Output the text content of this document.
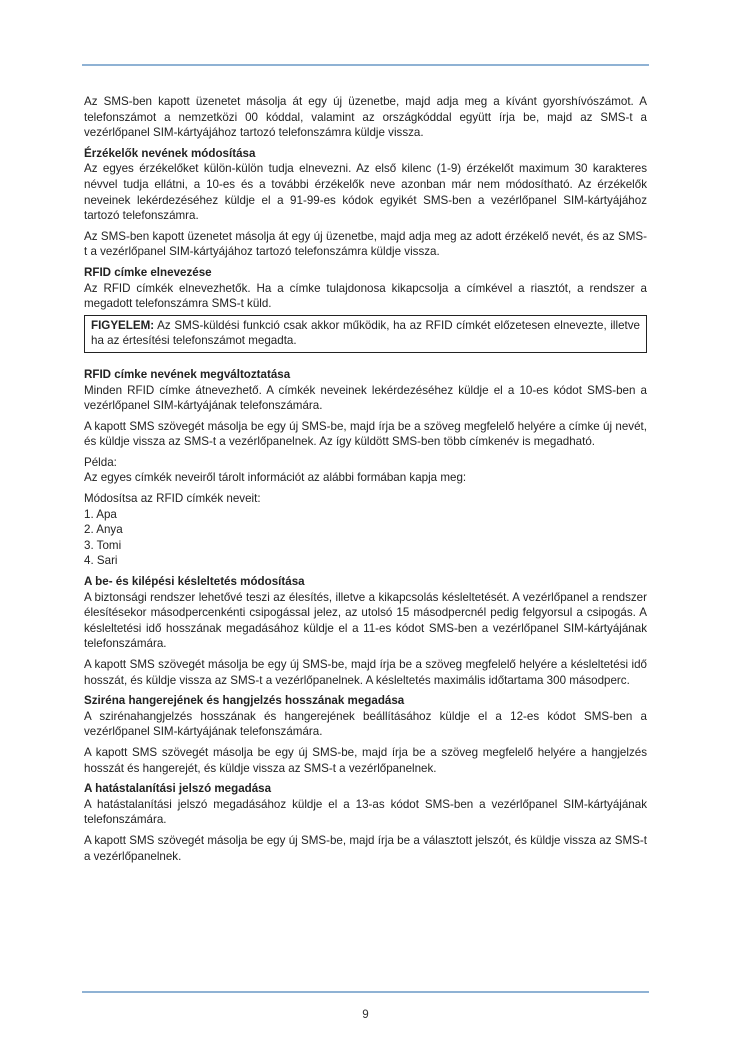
Az SMS-ben kapott üzenetet másolja át egy új üzenetbe, majd adja meg a kívánt gyorshívószámot. A telefonszámot a nemzetközi 00 kóddal, valamint az országkóddal együtt írja be, majd az SMS-t a vezérlőpanel SIM-kártyájához tartozó telefonszámra küldje vissza.

Érzékelők nevének módosítása

Az egyes érzékelőket külön-külön tudja elnevezni. Az első kilenc (1-9) érzékelőt maximum 30 karakteres névvel tudja ellátni, a 10-es és a további érzékelők neve azonban már nem módosítható. Az érzékelők neveinek lekérdezéséhez küldje el a 91-99-es kódok egyikét SMS-ben a vezérlőpanel SIM-kártyájához tartozó telefonszámra.

Az SMS-ben kapott üzenetet másolja át egy új üzenetbe, majd adja meg az adott érzékelő nevét, és az SMS-t a vezérlőpanel SIM-kártyájához tartozó telefonszámra küldje vissza.

RFID címke elnevezése

Az RFID címkék elnevezhetők. Ha a címke tulajdonosa kikapcsolja a címkével a riasztót, a rendszer a megadott telefonszámra SMS-t küld.

FIGYELEM: Az SMS-küldési funkció csak akkor működik, ha az RFID címkét előzetesen elnevezte, illetve ha az értesítési telefonszámot megadta.
RFID címke nevének megváltoztatása

Minden RFID címke átnevezhető. A címkék neveinek lekérdezéséhez küldje el a 10-es kódot SMS-ben a vezérlőpanel SIM-kártyájának telefonszámára.

A kapott SMS szövegét másolja be egy új SMS-be, majd írja be a szöveg megfelelő helyére a címke új nevét, és küldje vissza az SMS-t a vezérlőpanelnek. Az így küldött SMS-ben több címkenév is megadható.

Példa:
Az egyes címkék neveiről tárolt információt az alábbi formában kapja meg:

Módosítsa az RFID címkék neveit:
1. Apa
2. Anya
3. Tomi
4. Sari
A be- és kilépési késleltetés módosítása

A biztonsági rendszer lehetővé teszi az élesítés, illetve a kikapcsolás késleltetését. A vezérlőpanel a rendszer élesítésekor másodpercenkénti csipogással jelez, az utolsó 15 másodpercnél pedig felgyorsul a csipogás. A késleltetési idő hosszának megadásához küldje el a 11-es kódot SMS-ben a vezérlőpanel SIM-kártyájának telefonszámára.

A kapott SMS szövegét másolja be egy új SMS-be, majd írja be a szöveg megfelelő helyére a késleltetési idő hosszát, és küldje vissza az SMS-t a vezérlőpanelnek. A késleltetés maximális időtartama 300 másodperc.

Sziréna hangerejének és hangjelzés hosszának megadása

A szirénahangjelzés hosszának és hangerejének beállításához küldje el a 12-es kódot SMS-ben a vezérlőpanel SIM-kártyájának telefonszámára.

A kapott SMS szövegét másolja be egy új SMS-be, majd írja be a szöveg megfelelő helyére a hangjelzés hosszát és hangerejét, és küldje vissza az SMS-t a vezérlőpanelnek.

A hatástalanítási jelszó megadása

A hatástalanítási jelszó megadásához küldje el a 13-as kódot SMS-ben a vezérlőpanel SIM-kártyájának telefonszámára.

A kapott SMS szövegét másolja be egy új SMS-be, majd írja be a választott jelszót, és küldje vissza az SMS-t a vezérlőpanelnek.

9
